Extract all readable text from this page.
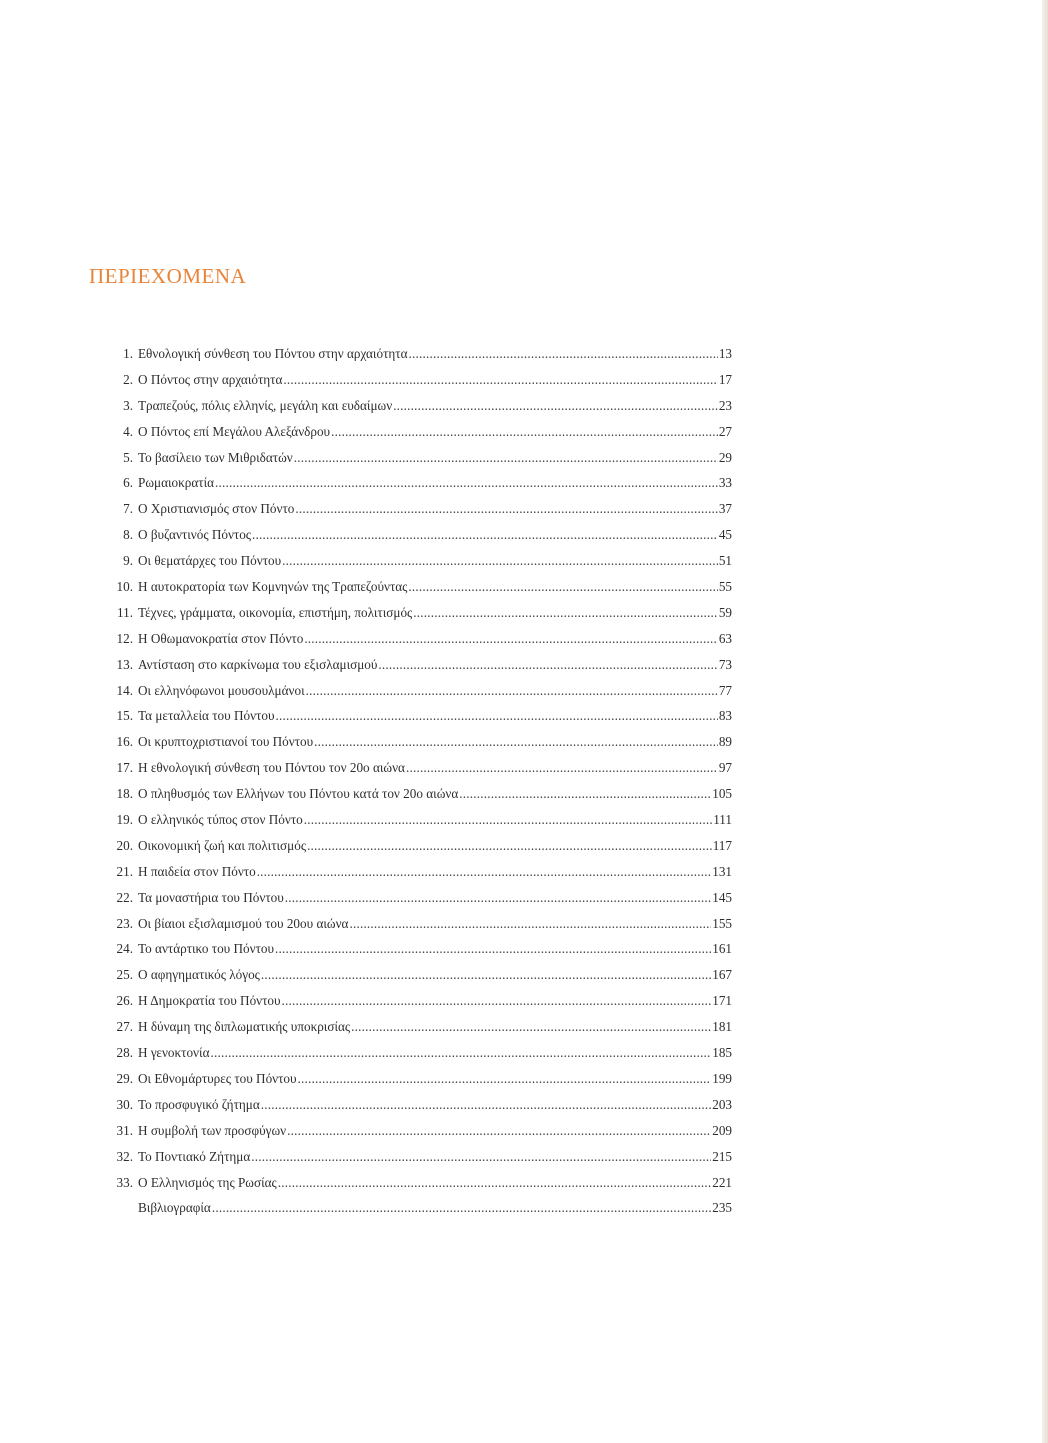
ΠΕΡΙΕΧΟΜΕΝΑ
1. Εθνολογική σύνθεση του Πόντου στην αρχαιότητα .....	13
2. Ο Πόντος στην αρχαιότητα .....	17
3. Τραπεζούς, πόλις ελληνίς, μεγάλη και ευδαίμων .....	23
4. Ο Πόντος επί Μεγάλου Αλεξάνδρου .....	27
5. Το βασίλειο των Μιθριδατών .....	29
6. Ρωμαιοκρατία .....	33
7. Ο Χριστιανισμός στον Πόντο .....	37
8. Ο βυζαντινός Πόντος .....	45
9. Οι θεματάρχες του Πόντου .....	51
10. Η αυτοκρατορία των Κομνηνών της Τραπεζούντας .....	55
11. Τέχνες, γράμματα, οικονομία, επιστήμη, πολιτισμός .....	59
12. Η Οθωμανοκρατία στον Πόντο .....	63
13. Αντίσταση στο καρκίνωμα του εξισλαμισμού .....	73
14. Οι ελληνόφωνοι μουσουλμάνοι .....	77
15. Τα μεταλλεία του Πόντου .....	83
16. Οι κρυπτοχριστιανοί του Πόντου .....	89
17. Η εθνολογική σύνθεση του Πόντου τον 20ο αιώνα .....	97
18. Ο πληθυσμός των Ελλήνων του Πόντου κατά τον 20ο αιώνα .....	105
19. Ο ελληνικός τύπος στον Πόντο .....	111
20. Οικονομική ζωή και πολιτισμός .....	117
21. Η παιδεία στον Πόντο .....	131
22. Τα μοναστήρια του Πόντου .....	145
23. Οι βίαιοι εξισλαμισμού του 20ου αιώνα .....	155
24. Το αντάρτικο του Πόντου .....	161
25. Ο αφηγηματικός λόγος .....	167
26. Η Δημοκρατία του Πόντου .....	171
27. Η δύναμη της διπλωματικής υποκρισίας .....	181
28. Η γενοκτονία .....	185
29. Οι Εθνομάρτυρες του Πόντου .....	199
30. Το προσφυγικό ζήτημα .....	203
31. Η συμβολή των προσφύγων .....	209
32. Το Ποντιακό Ζήτημα .....	215
33. Ο Ελληνισμός της Ρωσίας .....	221
Βιβλιογραφία .....	235
